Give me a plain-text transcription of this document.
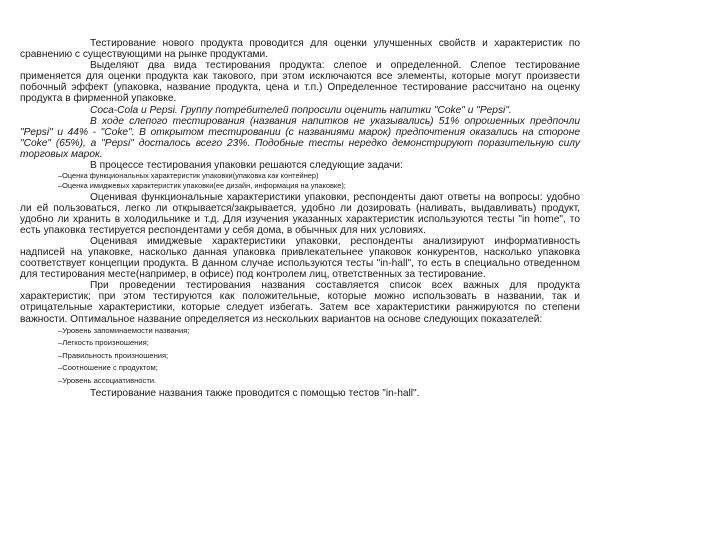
Тестирование нового продукта проводится для оценки улучшенных свойств и характеристик по сравнению с существующими на рынке продуктами.

Выделяют два вида тестирования продукта: слепое и определенной. Слепое тестирование применяется для оценки продукта как такового, при этом исключаются все элементы, которые могут произвести побочный эффект (упаковка, название продукта, цена и т.п.) Определенное тестирование рассчитано на оценку продукта в фирменной упаковке.

Coca-Cola и Pepsi. Группу потребителей попросили оценить напитки "Coke" и "Pepsi".

В ходе слепого тестирования (названия напитков не указывались) 51% опрошенных предпочли "Pepsi" и 44% - "Coke". В открытом тестировании (с названиями марок) предпочтения оказались на стороне "Coke" (65%), а "Pepsi" досталось всего 23%. Подобные тесты нередко демонстрируют поразительную силу торговых марок.

В процессе тестирования упаковки решаются следующие задачи:

–Оценка функциональных характеристик упаковки(упаковка как контейнер)

–Оценка имиджевых характеристик упаковки(ее дизайн, информация на упаковке);

Оценивая функциональные характеристики упаковки, респонденты дают ответы на вопросы: удобно ли ей пользоваться, легко ли открывается/закрывается, удобно ли дозировать (наливать, выдавливать) продукт, удобно ли хранить в холодильнике и т.д. Для изучения указанных характеристик используются тесты "in home", то есть упаковка тестируется респондентами у себя дома, в обычных для них условиях.

Оценивая имиджевые характеристики упаковки, респонденты анализируют информативность надписей на упаковке, насколько данная упаковка привлекательнее упаковок конкурентов, насколько упаковка соответствует концепции продукта. В данном случае используются тесты "in-hall", то есть в специально отведенном для тестирования месте(например, в офисе) под контролем лиц, ответственных за тестирование.

При проведении тестирования названия составляется список всех важных для продукта характеристик; при этом тестируются как положительные, которые можно использовать в названии, так и отрицательные характеристики, которые следует избегать. Затем все характеристики ранжируются по степени важности. Оптимальное название определяется из нескольких вариантов на основе следующих показателей:

–Уровень запоминаемости названия;

–Легкость произношения;

–Правильность произношения;

–Соотношение с продуктом;

–Уровень ассоциативности.

Тестирование названия также проводится с помощью тестов "in-hall".
